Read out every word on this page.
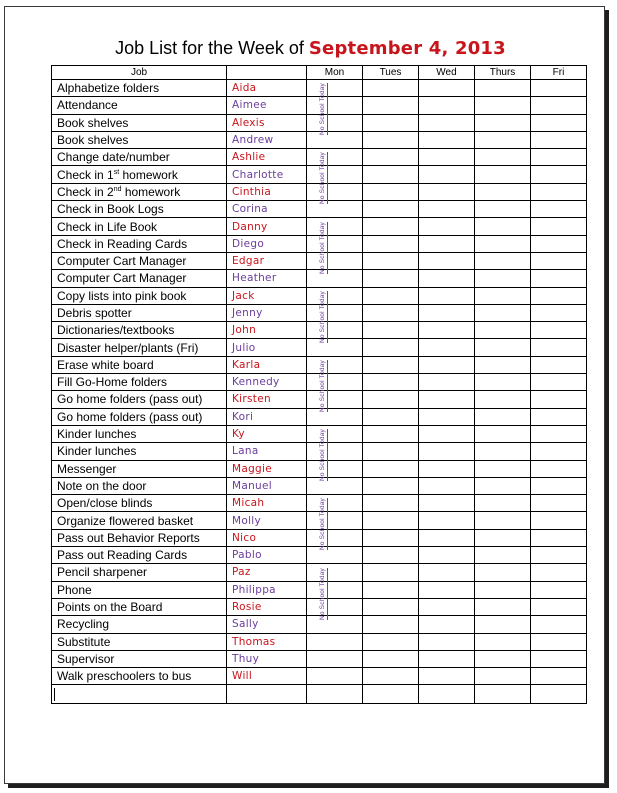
Job List for the Week of September 4, 2013
Job		Mon	Tues	Wed	Thurs	Fri
Alphabetize folders	Aida					
Attendance	Aimee	No School Today				

Book shelves	Alexis					
Book shelves	Andrew					
Change date/number	Ashlie					
Check in 1st homework	Charlotte	No School Today				

Check in 2nd homework	Cinthia					
Check in Book Logs	Corina					
Check in Life Book	Danny					
Check in Reading Cards	Diego	No School Today				

Computer Cart Manager	Edgar					
Computer Cart Manager	Heather					
Copy lists into pink book	Jack					
Debris spotter	Jenny	No School Today				

Dictionaries/textbooks	John					
Disaster helper/plants (Fri)	Julio					
Erase white board	Karla					
Fill Go-Home folders	Kennedy	No School Today				

Go home folders (pass out)	Kirsten					
Go home folders (pass out)	Kori					
Kinder lunches	Ky					
Kinder lunches	Lana	No School Today				

Messenger	Maggie					
Note on the door	Manuel					
Open/close blinds	Micah					
Organize flowered basket	Molly	No School Today				

Pass out Behavior Reports	Nico					
Pass out Reading Cards	Pablo					
Pencil sharpener	Paz					
Phone	Philippa	No School Today				

Points on the Board	Rosie					
Recycling	Sally					
Substitute	Thomas					
Supervisor	Thuy					
Walk preschoolers to bus	Will					
